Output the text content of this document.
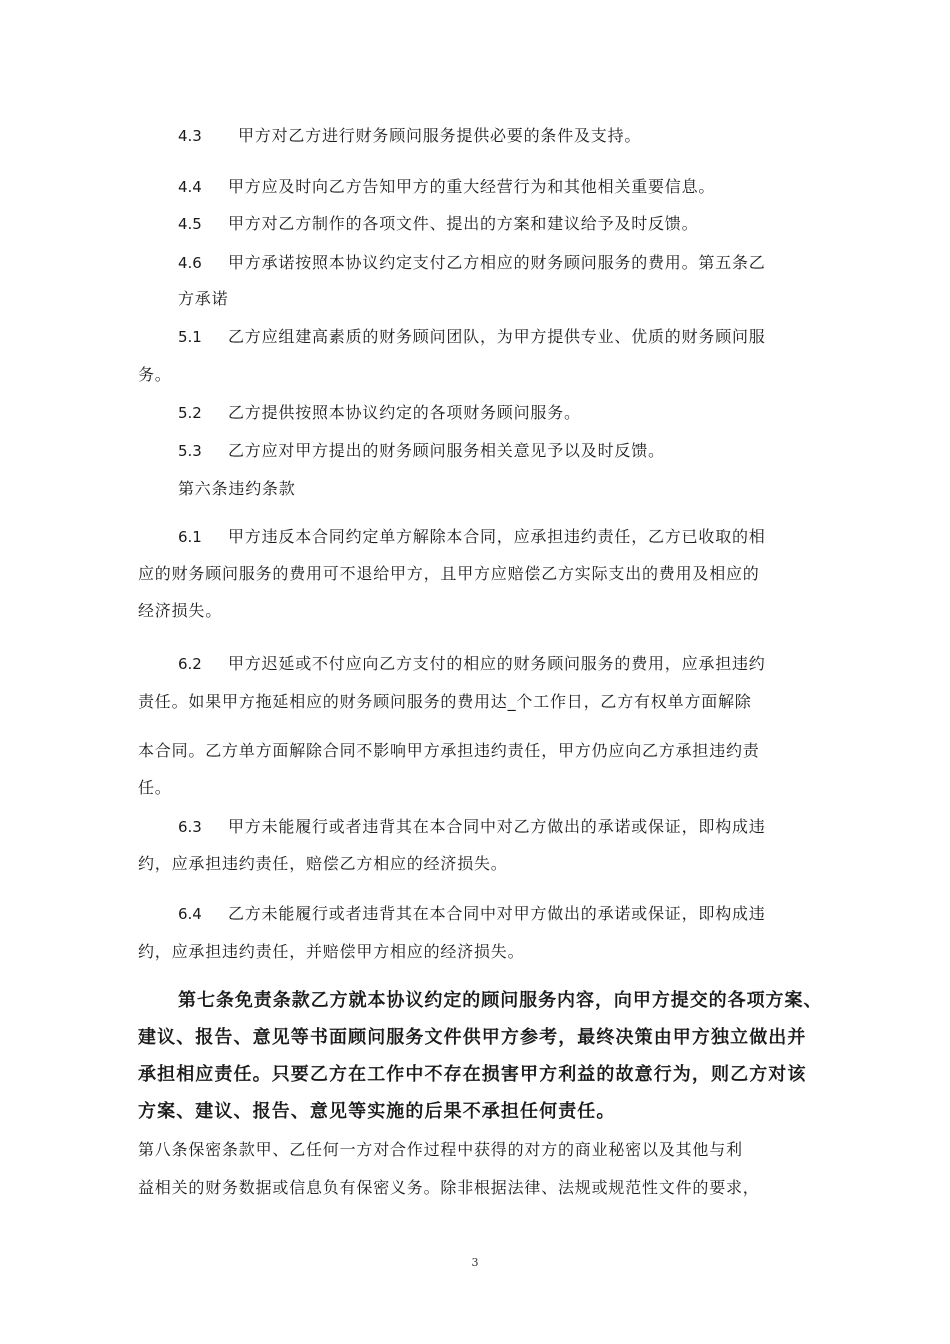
4.3 甲方对乙方进行财务顾问服务提供必要的条件及支持。
4.4 甲方应及时向乙方告知甲方的重大经营行为和其他相关重要信息。
4.5 甲方对乙方制作的各项文件、提出的方案和建议给予及时反馈。
4.6 甲方承诺按照本协议约定支付乙方相应的财务顾问服务的费用。第五条乙
方承诺
5.1 乙方应组建高素质的财务顾问团队，为甲方提供专业、优质的财务顾问服
务。
5.2 乙方提供按照本协议约定的各项财务顾问服务。
5.3 乙方应对甲方提出的财务顾问服务相关意见予以及时反馈。
第六条违约条款
6.1 甲方违反本合同约定单方解除本合同，应承担违约责任，乙方已收取的相
应的财务顾问服务的费用可不退给甲方，且甲方应赔偿乙方实际支出的费用及相应的
经济损失。
6.2 甲方迟延或不付应向乙方支付的相应的财务顾问服务的费用，应承担违约
责任。如果甲方拖延相应的财务顾问服务的费用达_个工作日，乙方有权单方面解除
本合同。乙方单方面解除合同不影响甲方承担违约责任，甲方仍应向乙方承担违约责
任。
6.3 甲方未能履行或者违背其在本合同中对乙方做出的承诺或保证，即构成违
约，应承担违约责任，赔偿乙方相应的经济损失。
6.4 乙方未能履行或者违背其在本合同中对甲方做出的承诺或保证，即构成违
约，应承担违约责任，并赔偿甲方相应的经济损失。
第七条免责条款乙方就本协议约定的顾问服务内容，向甲方提交的各项方案、
建议、报告、意见等书面顾问服务文件供甲方参考，最终决策由甲方独立做出并
承担相应责任。只要乙方在工作中不存在损害甲方利益的故意行为，则乙方对该
方案、建议、报告、意见等实施的后果不承担任何责任。
第八条保密条款甲、乙任何一方对合作过程中获得的对方的商业秘密以及其他与利
益相关的财务数据或信息负有保密义务。除非根据法律、法规或规范性文件的要求，
3
